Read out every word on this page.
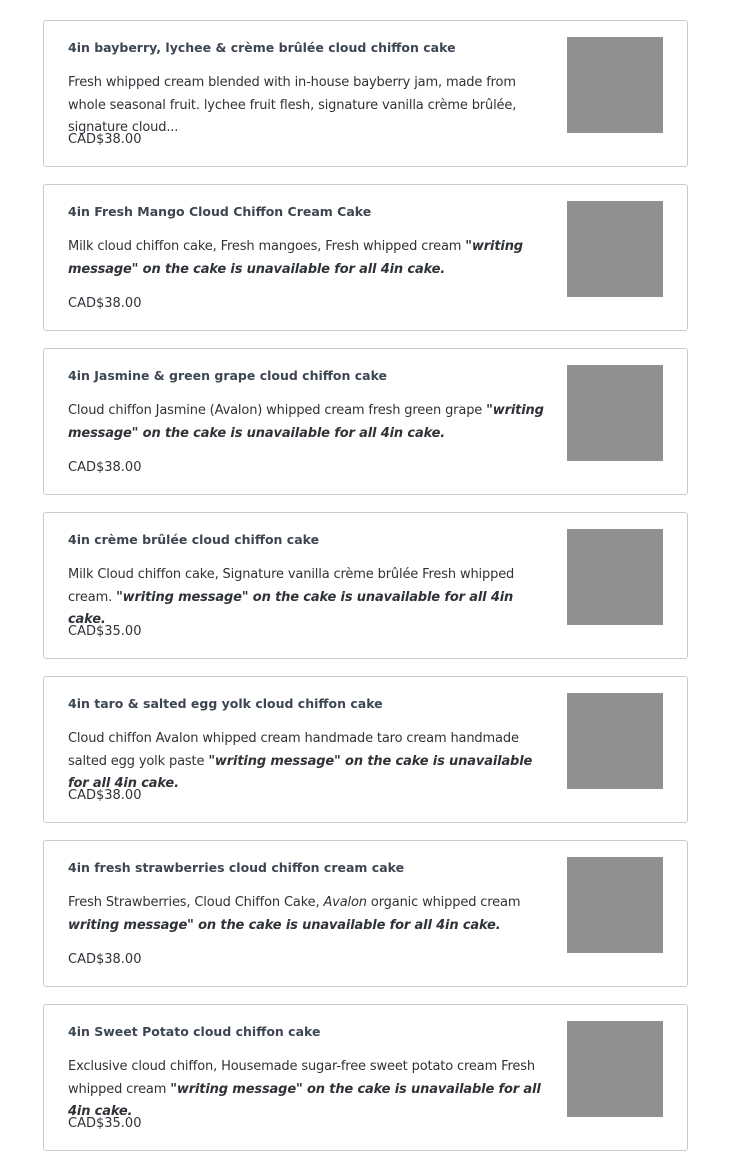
4in bayberry, lychee & crème brûlée cloud chiffon cake
Fresh whipped cream blended with in-house bayberry jam, made from whole seasonal fruit. lychee fruit flesh, signature vanilla crème brûlée, signature cloud...
CAD$38.00
4in Fresh Mango Cloud Chiffon Cream Cake
Milk cloud chiffon cake, Fresh mangoes, Fresh whipped cream "writing message" on the cake is unavailable for all 4in cake.
CAD$38.00
4in Jasmine & green grape cloud chiffon cake
Cloud chiffon Jasmine (Avalon) whipped cream fresh green grape "writing message" on the cake is unavailable for all 4in cake.
CAD$38.00
4in crème brûlée cloud chiffon cake
Milk Cloud chiffon cake, Signature vanilla crème brûlée Fresh whipped cream. "writing message" on the cake is unavailable for all 4in cake.
CAD$35.00
4in taro & salted egg yolk cloud chiffon cake
Cloud chiffon Avalon whipped cream handmade taro cream handmade salted egg yolk paste "writing message" on the cake is unavailable for all 4in cake.
CAD$38.00
4in fresh strawberries cloud chiffon cream cake
Fresh Strawberries, Cloud Chiffon Cake, Avalon organic whipped cream writing message" on the cake is unavailable for all 4in cake.
CAD$38.00
4in Sweet Potato cloud chiffon cake
Exclusive cloud chiffon, Housemade sugar-free sweet potato cream Fresh whipped cream "writing message" on the cake is unavailable for all 4in cake.
CAD$35.00
